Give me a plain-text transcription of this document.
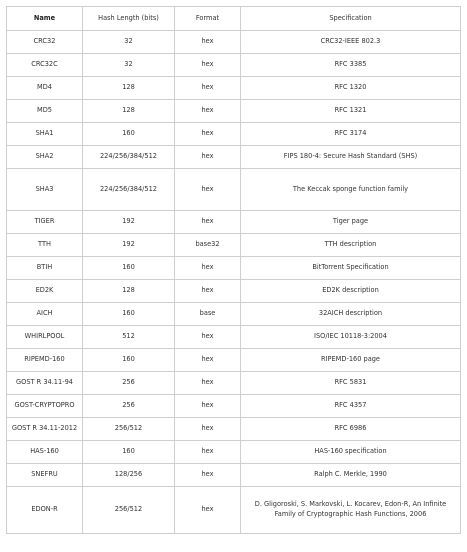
Name	Hash Length (bits)	Format	Specification
CRC32	32	hex	CRC32-IEEE 802.3
CRC32C	32	hex	RFC 3385
MD4	128	hex	RFC 1320
MD5	128	hex	RFC 1321
SHA1	160	hex	RFC 3174
SHA2	224/256/384/512	hex	FIPS 180-4: Secure Hash Standard (SHS)
SHA3	224/256/384/512	hex	The Keccak sponge function family
TIGER	192	hex	Tiger page
TTH	192	base32	TTH description
BTIH	160	hex	BitTorrent Specification
ED2K	128	hex	ED2K description
AICH	160	base	32AICH description
WHIRLPOOL	512	hex	ISO/IEC 10118-3:2004
RIPEMD-160	160	hex	RIPEMD-160 page
GOST R 34.11-94	256	hex	RFC 5831
GOST-CRYPTOPRO	256	hex	RFC 4357
GOST R 34.11-2012	256/512	hex	RFC 6986
HAS-160	160	hex	HAS-160 specification
SNEFRU	128/256	hex	Ralph C. Merkle, 1990
EDON-R	256/512	hex	D. Gligoroski, S. Markovski, L. Kocarev, Edon-R, An Infinite Family of Cryptographic Hash Functions, 2006
